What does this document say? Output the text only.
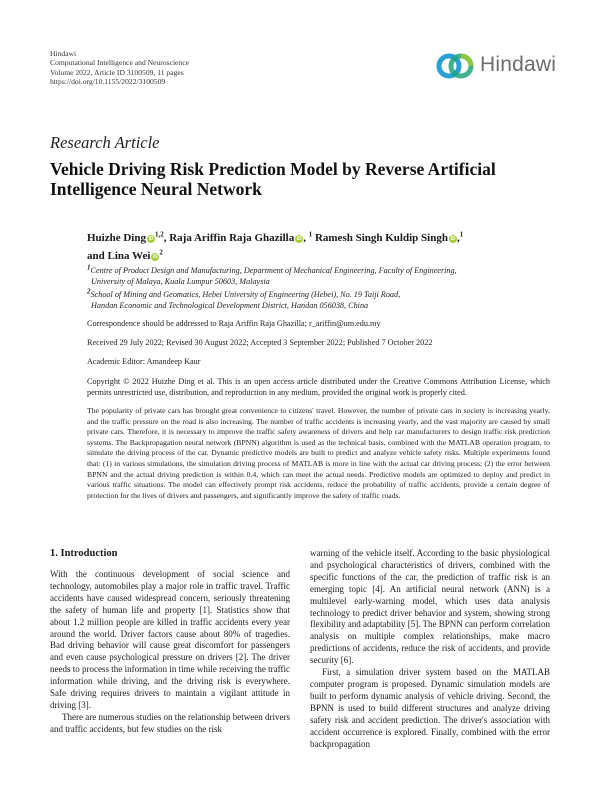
Hindawi
Computational Intelligence and Neuroscience
Volume 2022, Article ID 3100509, 11 pages
https://doi.org/10.1155/2022/3100509
Hindawi
Research Article
Vehicle Driving Risk Prediction Model by Reverse Artificial Intelligence Neural Network
Huizhe Ding iD$^{1,2}$, Raja Ariffin Raja Ghazilla iD , $^1$ Ramesh Singh Kuldip Singh iD ,$^1$
and Lina Wei $iD^2$
$^1$Centre of Product Design and Manufacturing, Department of Mechanical Engineering, Faculty of Engineering,
University of Malaya, Kuala Lumpur 50603, Malaysia
$^2$School of Mining and Geomatics, Hebei University of Engineering (Hebei), No. 19 Taiji Road,
Handan Economic and Technological Development District, Handan 056038, China
Correspondence should be addressed to Raja Ariffin Raja Ghazilla; r_ariffin@um.edu.my
Received 29 July 2022; Revised 30 August 2022; Accepted 3 September 2022; Published 7 October 2022
Academic Editor: Amandeep Kaur
Copyright © 2022 Huizhe Ding et al. This is an open access article distributed under the Creative Commons Attribution License, which permits unrestricted use, distribution, and reproduction in any medium, provided the original work is properly cited.
The popularity of private cars has brought great convenience to citizens' travel. However, the number of private cars in society is increasing yearly, and the traffic pressure on the road is also increasing. The number of traffic accidents is increasing yearly, and the vast majority are caused by small private cars. Therefore, it is necessary to improve the traffic safety awareness of drivers and help car manufacturers to design traffic risk prediction systems. The Backpropagation neural network (BPNN) algorithm is used as the technical basis, combined with the MATLAB operation program, to simulate the driving process of the car. Dynamic predictive models are built to predict and analyze vehicle safety risks. Multiple experiments found that: (1) in various simulations, the simulation driving process of MATLAB is more in line with the actual car driving process; (2) the error between BPNN and the actual driving prediction is within 0.4, which can meet the actual needs. Predictive models are optimized to deploy and predict in various traffic situations. The model can effectively prompt risk accidents, reduce the probability of traffic accidents, provide a certain degree of protection for the lives of drivers and passengers, and significantly improve the safety of traffic roads.
1. Introduction

With the continuous development of social science and technology, automobiles play a major role in traffic travel. Traffic accidents have caused widespread concern, seriously threatening the safety of human life and property [1]. Statistics show that about 1.2 million people are killed in traffic accidents every year around the world. Driver factors cause about 80% of tragedies. Bad driving behavior will cause great discomfort for passengers and even cause psychological pressure on drivers [2]. The driver needs to process the information in time while receiving the traffic information while driving, and the driving risk is everywhere. Safe driving requires drivers to maintain a vigilant attitude in driving [3].

There are numerous studies on the relationship between drivers and traffic accidents, but few studies on the risk

warning of the vehicle itself. According to the basic physiological and psychological characteristics of drivers, combined with the specific functions of the car, the prediction of traffic risk is an emerging topic [4]. An artificial neural network (ANN) is a multilevel early-warning model, which uses data analysis technology to predict driver behavior and system, showing strong flexibility and adaptability [5]. The BPNN can perform correlation analysis on multiple complex relationships, make macro predictions of accidents, reduce the risk of accidents, and provide security [6].

First, a simulation driver system based on the MATLAB computer program is proposed. Dynamic simulation models are built to perform dynamic analysis of vehicle driving. Second, the BPNN is used to build different structures and analyze driving safety risk and accident prediction. The driver's association with accident occurrence is explored. Finally, combined with the error backpropagation
